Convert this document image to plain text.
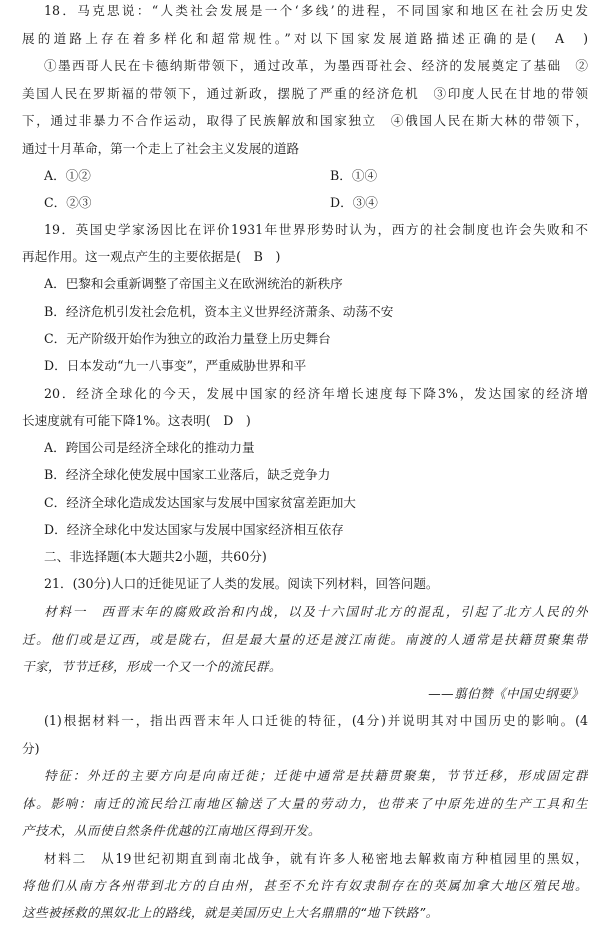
18．马克思说：“人类社会发展是一个‘多线’的进程，不同国家和地区在社会历史发
展的道路上存在着多样化和超常规性。”对以下国家发展道路描述正确的是(　A　)
①墨西哥人民在卡德纳斯带领下，通过改革，为墨西哥社会、经济的发展奠定了基础　②
美国人民在罗斯福的带领下，通过新政，摆脱了严重的经济危机　③印度人民在甘地的带领
下，通过非暴力不合作运动，取得了民族解放和国家独立　④俄国人民在斯大林的带领下，
通过十月革命，第一个走上了社会主义发展的道路
A．①②	B．①④
C．②③	D．③④
19．英国史学家汤因比在评价1931年世界形势时认为，西方的社会制度也许会失败和不
再起作用。这一观点产生的主要依据是(　B　)
A．巴黎和会重新调整了帝国主义在欧洲统治的新秩序
B．经济危机引发社会危机，资本主义世界经济萧条、动荡不安
C．无产阶级开始作为独立的政治力量登上历史舞台
D．日本发动“九一八事变”，严重威胁世界和平
20．经济全球化的今天，发展中国家的经济年增长速度每下降3%，发达国家的经济增
长速度就有可能下降1%。这表明(　D　)
A．跨国公司是经济全球化的推动力量
B．经济全球化使发展中国家工业落后，缺乏竞争力
C．经济全球化造成发达国家与发展中国家贫富差距加大
D．经济全球化中发达国家与发展中国家经济相互依存
二、非选择题(本大题共2小题，共60分)
21．(30分)人口的迁徙见证了人类的发展。阅读下列材料，回答问题。
材料一　西晋末年的腐败政治和内战，以及十六国时北方的混乱，引起了北方人民的外
迁。他们或是辽西，或是陇右，但是最大量的还是渡江南徙。南渡的人通常是扶籍贯聚集带
干家，节节迁移，形成一个又一个的流民群。
——翦伯赞《中国史纲要》
(1)根据材料一，指出西晋末年人口迁徙的特征，(4分)并说明其对中国历史的影响。(4
分)
特征：外迁的主要方向是向南迁徙；迁徙中通常是扶籍贯聚集，节节迁移，形成固定群
体。影响：南迁的流民给江南地区输送了大量的劳动力，也带来了中原先进的生产工具和生
产技术，从而使自然条件优越的江南地区得到开发。
材料二　从19世纪初期直到南北战争，就有许多人秘密地去解救南方种植园里的黑奴，
将他们从南方各州带到北方的自由州，甚至不允许有奴隶制存在的英属加拿大地区殖民地。
这些被拯救的黑奴北上的路线，就是美国历史上大名鼎鼎的“地下铁路”。
